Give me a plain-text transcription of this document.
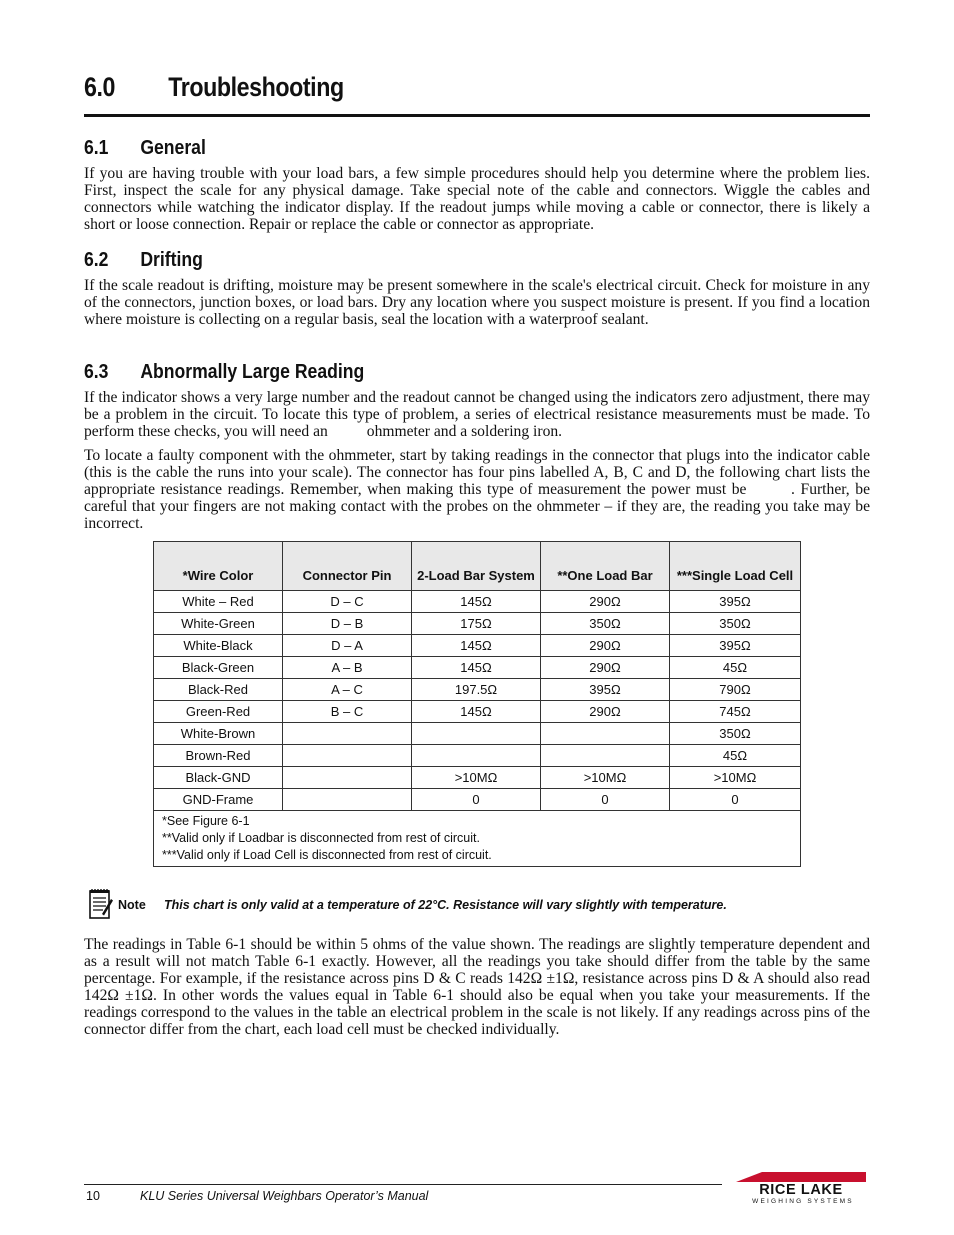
6.0 Troubleshooting
6.1 General

If you are having trouble with your load bars, a few simple procedures should help you determine where the problem lies. First, inspect the scale for any physical damage. Take special note of the cable and connectors. Wiggle the cables and connectors while watching the indicator display. If the readout jumps while moving a cable or connector, there is likely a short or loose connection. Repair or replace the cable or connector as appropriate.

6.2 Drifting

If the scale readout is drifting, moisture may be present somewhere in the scale's electrical circuit. Check for moisture in any of the connectors, junction boxes, or load bars. Dry any location where you suspect moisture is present. If you find a location where moisture is collecting on a regular basis, seal the location with a waterproof sealant.

6.3 Abnormally Large Reading

If the indicator shows a very large number and the readout cannot be changed using the indicators zero adjustment, there may be a problem in the circuit. To locate this type of problem, a series of electrical resistance measurements must be made. To perform these checks, you will need an          ohmmeter and a soldering iron.

To locate a faulty component with the ohmmeter, start by taking readings in the connector that plugs into the indicator cable (this is the cable the runs into your scale). The connector has four pins labelled A, B, C and D, the following chart lists the appropriate resistance readings. Remember, when making this type of measurement the power must be        . Further, be careful that your fingers are not making contact with the probes on the ohmmeter – if they are, the reading you take may be incorrect.

*Wire Color	Connector Pin	2-Load Bar System	**One Load Bar	***Single Load Cell
White – Red	D – C	145Ω	290Ω	395Ω
White-Green	D – B	175Ω	350Ω	350Ω
White-Black	D – A	145Ω	290Ω	395Ω
Black-Green	A – B	145Ω	290Ω	45Ω
Black-Red	A – C	197.5Ω	395Ω	790Ω
Green-Red	B – C	145Ω	290Ω	745Ω
White-Brown				350Ω
Brown-Red				45Ω
Black-GND		>10MΩ	>10MΩ	>10MΩ
GND-Frame		0	0	0

*See Figure 6-1
**Valid only if Loadbar is disconnected from rest of circuit.
***Valid only if Load Cell is disconnected from rest of circuit.				
Note This chart is only valid at a temperature of 22°C. Resistance will vary slightly with temperature.

The readings in Table 6-1 should be within 5 ohms of the value shown. The readings are slightly temperature dependent and as a result will not match Table 6-1 exactly. However, all the readings you take should differ from the table by the same percentage. For example, if the resistance across pins D & C reads 142Ω ±1Ω, resistance across pins D & A should also read 142Ω ±1Ω. In other words the values equal in Table 6-1 should also be equal when you take your measurements. If the readings correspond to the values in the table an electrical problem in the scale is not likely. If any readings across pins of the connector differ from the chart, each load cell must be checked individually.

10	KLU Series Universal Weighbars Operator’s Manual	RICE LAKE
WEIGHING SYSTEMS
